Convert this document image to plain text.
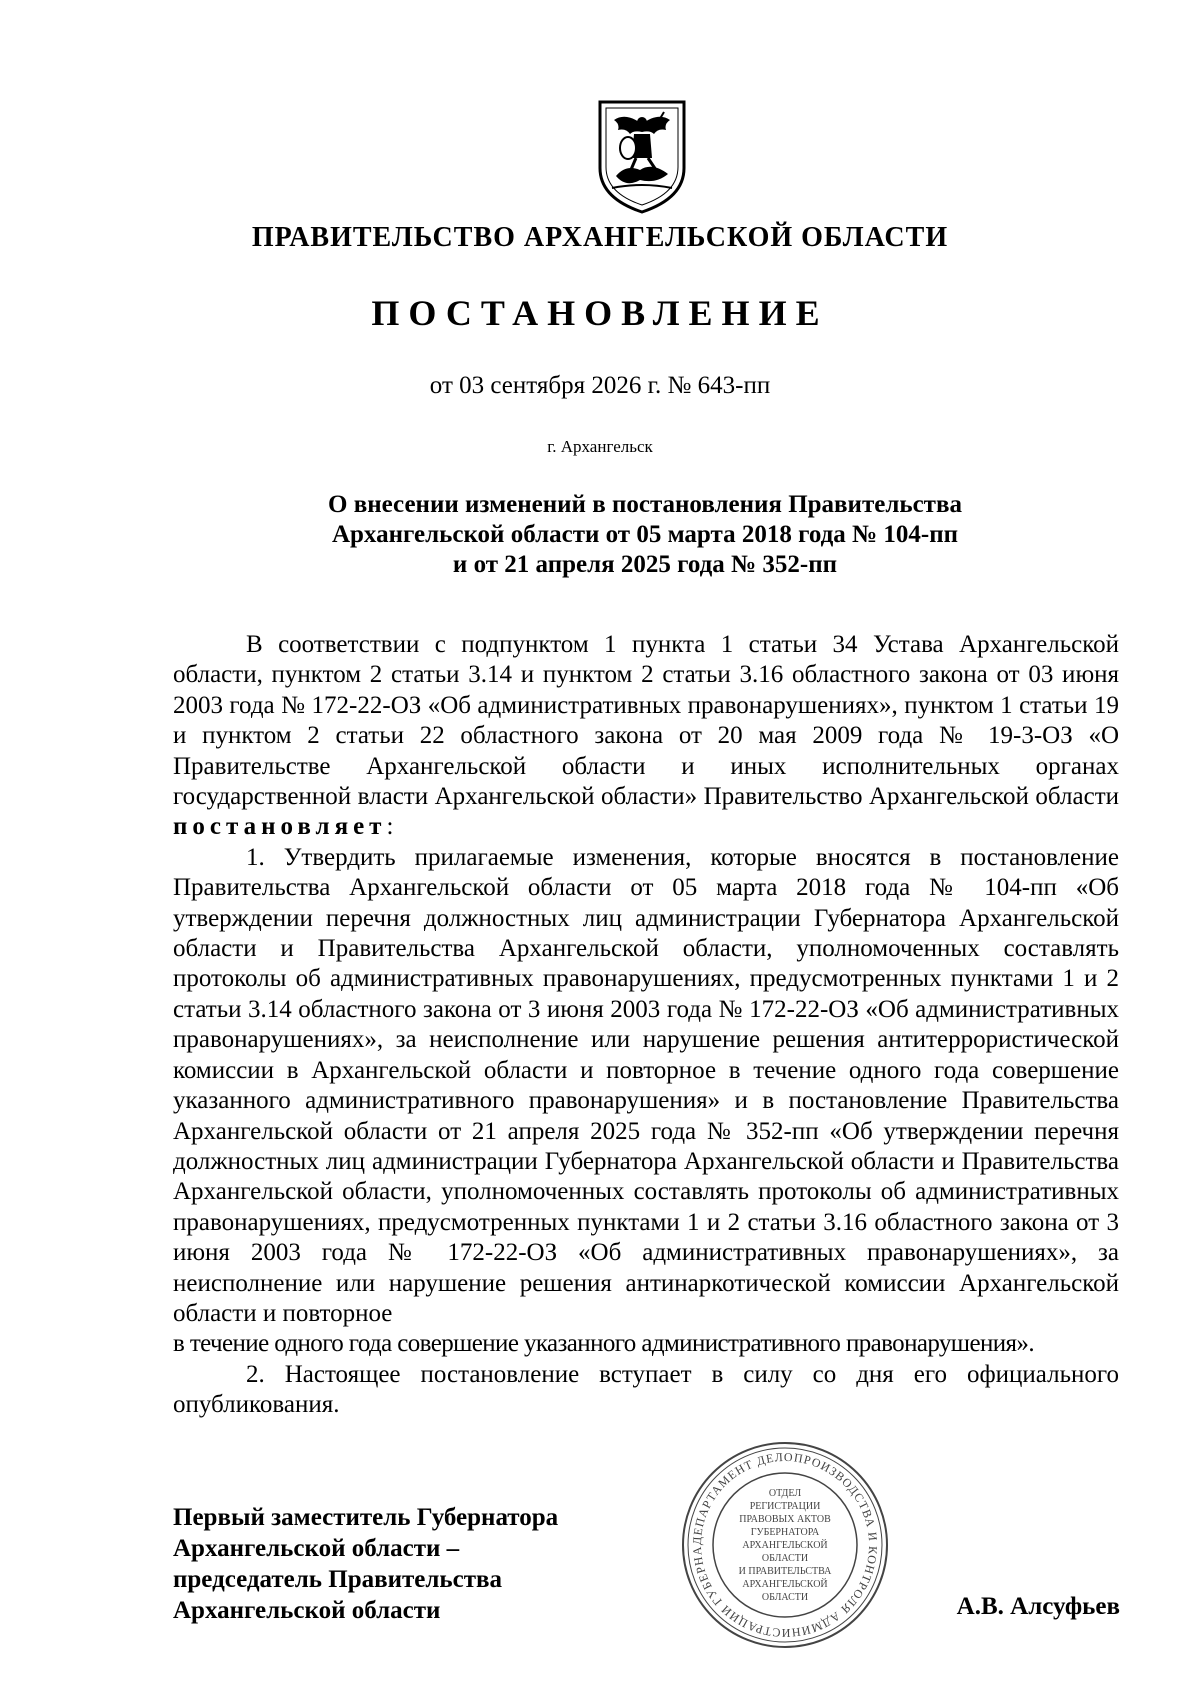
ПРАВИТЕЛЬСТВО АРХАНГЕЛЬСКОЙ ОБЛАСТИ
ПОСТАНОВЛЕНИЕ
от 03 сентября 2026 г. № 643-пп
г. Архангельск
О внесении изменений в постановления Правительства
Архангельской области от 05 марта 2018 года № 104-пп
и от 21 апреля 2025 года № 352-пп

В соответствии с подпунктом 1 пункта 1 статьи 34 Устава Архангельской области, пунктом 2 статьи 3.14 и пунктом 2 статьи 3.16 областного закона от 03 июня 2003 года № 172-22-ОЗ «Об административных правонарушениях», пунктом 1 статьи 19 и пунктом 2 статьи 22 областного закона от 20 мая 2009 года № 19-3-ОЗ «О Правительстве Архангельской области и иных исполнительных органах государственной власти Архангельской области» Правительство Архангельской области постановляет:

1. Утвердить прилагаемые изменения, которые вносятся в постановление Правительства Архангельской области от 05 марта 2018 года № 104-пп «Об утверждении перечня должностных лиц администрации Губернатора Архангельской области и Правительства Архангельской области, уполномоченных составлять протоколы об административных правонарушениях, предусмотренных пунктами 1 и 2 статьи 3.14 областного закона от 3 июня 2003 года № 172-22-ОЗ «Об административных правонарушениях», за неисполнение или нарушение решения антитеррористической комиссии в Архангельской области и повторное в течение одного года совершение указанного административного правонарушения» и в постановление Правительства Архангельской области от 21 апреля 2025 года № 352-пп «Об утверждении перечня должностных лиц администрации Губернатора Архангельской области и Правительства Архангельской области, уполномоченных составлять протоколы об административных правонарушениях, предусмотренных пунктами 1 и 2 статьи 3.16 областного закона от 3 июня 2003 года № 172-22-ОЗ «Об административных правонарушениях», за неисполнение или нарушение решения антинаркотической комиссии Архангельской области и повторное

в течение одного года совершение указанного административного правонарушения».

2. Настоящее постановление вступает в силу со дня его официального опубликования.

Первый заместитель Губернатора
Архангельской области –
председатель Правительства
Архангельской области
ДЕПАРТАМЕНТ ДЕЛОПРОИЗВОДСТВА И КОНТРОЛЯ АДМИНИСТРАЦИИ ГУБЕРНА
ОТДЕЛ
РЕГИСТРАЦИИ
ПРАВОВЫХ АКТОВ
ГУБЕРНАТОРА
АРХАНГЕЛЬСКОЙ
ОБЛАСТИ
И ПРАВИТЕЛЬСТВА
АРХАНГЕЛЬСКОЙ
ОБЛАСТИ	А.В. Алсуфьев
